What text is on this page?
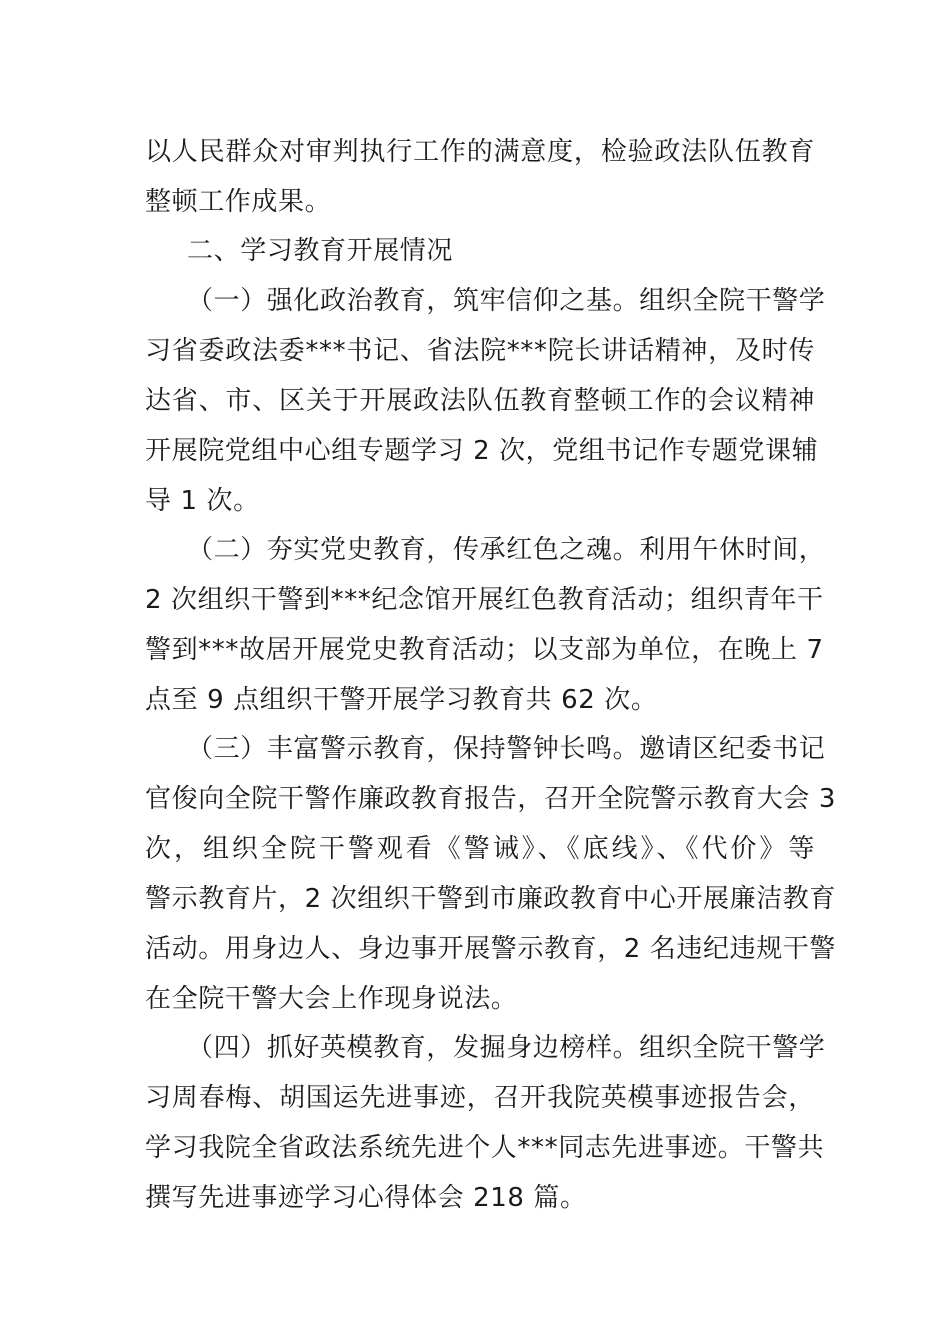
以人民群众对审判执行工作的满意度，检验政法队伍教育
整顿工作成果。
二、学习教育开展情况
（一）强化政治教育，筑牢信仰之基。组织全院干警学
习省委政法委***书记、省法院***院长讲话精神，及时传
达省、市、区关于开展政法队伍教育整顿工作的会议精神
开展院党组中心组专题学习 2 次，党组书记作专题党课辅
导 1 次。
（二）夯实党史教育，传承红色之魂。利用午休时间，
2 次组织干警到***纪念馆开展红色教育活动；组织青年干
警到***故居开展党史教育活动；以支部为单位，在晚上 7
点至 9 点组织干警开展学习教育共 62 次。
（三）丰富警示教育，保持警钟长鸣。邀请区纪委书记
官俊向全院干警作廉政教育报告，召开全院警示教育大会 3
次，组织全院干警观看《警诫》、《底线》、《代价》等
警示教育片，2 次组织干警到市廉政教育中心开展廉洁教育
活动。用身边人、身边事开展警示教育，2 名违纪违规干警
在全院干警大会上作现身说法。
（四）抓好英模教育，发掘身边榜样。组织全院干警学
习周春梅、胡国运先进事迹，召开我院英模事迹报告会，
学习我院全省政法系统先进个人***同志先进事迹。干警共
撰写先进事迹学习心得体会 218 篇。
